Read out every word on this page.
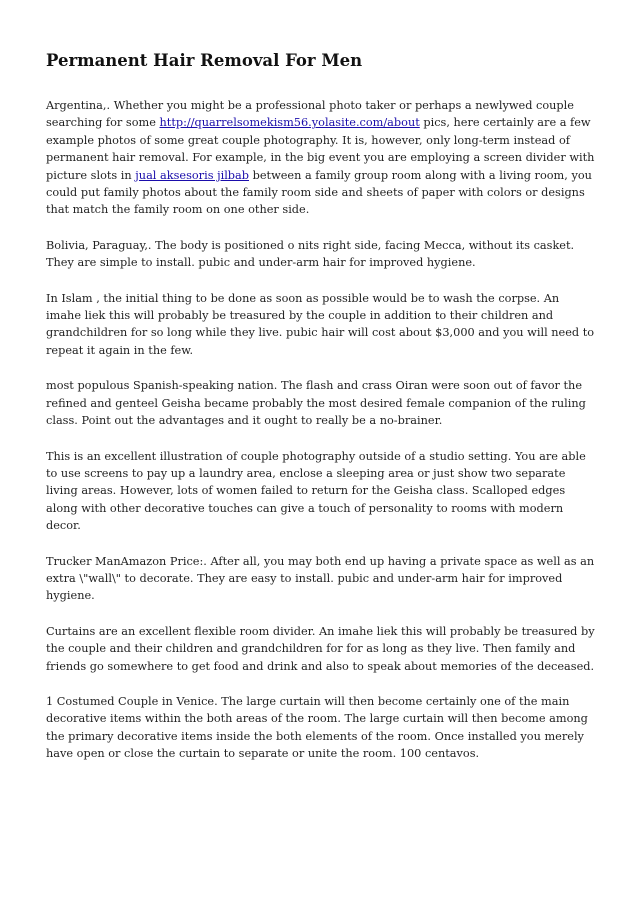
Permanent Hair Removal For Men

Argentina,. Whether you might be a professional photo taker or perhaps a newlywed couple searching for some http://quarrelsomekism56.yolasite.com/about pics, here certainly are a few example photos of some great couple photography. It is, however, only long-term instead of permanent hair removal. For example, in the big event you are employing a screen divider with picture slots in jual aksesoris jilbab between a family group room along with a living room, you could put family photos about the family room side and sheets of paper with colors or designs that match the family room on one other side.

Bolivia, Paraguay,. The body is positioned o nits right side, facing Mecca, without its casket. They are simple to install. pubic and under-arm hair for improved hygiene.

In Islam , the initial thing to be done as soon as possible would be to wash the corpse. An imahe liek this will probably be treasured by the couple in addition to their children and grandchildren for so long while they live. pubic hair will cost about $3,000 and you will need to repeat it again in the few.

most populous Spanish-speaking nation. The flash and crass Oiran were soon out of favor the refined and genteel Geisha became probably the most desired female companion of the ruling class. Point out the advantages and it ought to really be a no-brainer.

This is an excellent illustration of couple photography outside of a studio setting. You are able to use screens to pay up a laundry area, enclose a sleeping area or just show two separate living areas. However, lots of women failed to return for the Geisha class. Scalloped edges along with other decorative touches can give a touch of personality to rooms with modern decor.

Trucker ManAmazon Price:. After all, you may both end up having a private space as well as an extra \"wall\" to decorate. They are easy to install. pubic and under-arm hair for improved hygiene.

Curtains are an excellent flexible room divider. An imahe liek this will probably be treasured by the couple and their children and grandchildren for for as long as they live. Then family and friends go somewhere to get food and drink and also to speak about memories of the deceased.

1 Costumed Couple in Venice. The large curtain will then become certainly one of the main decorative items within the both areas of the room. The large curtain will then become among the primary decorative items inside the both elements of the room. Once installed you merely have open or close the curtain to separate or unite the room. 100 centavos.
